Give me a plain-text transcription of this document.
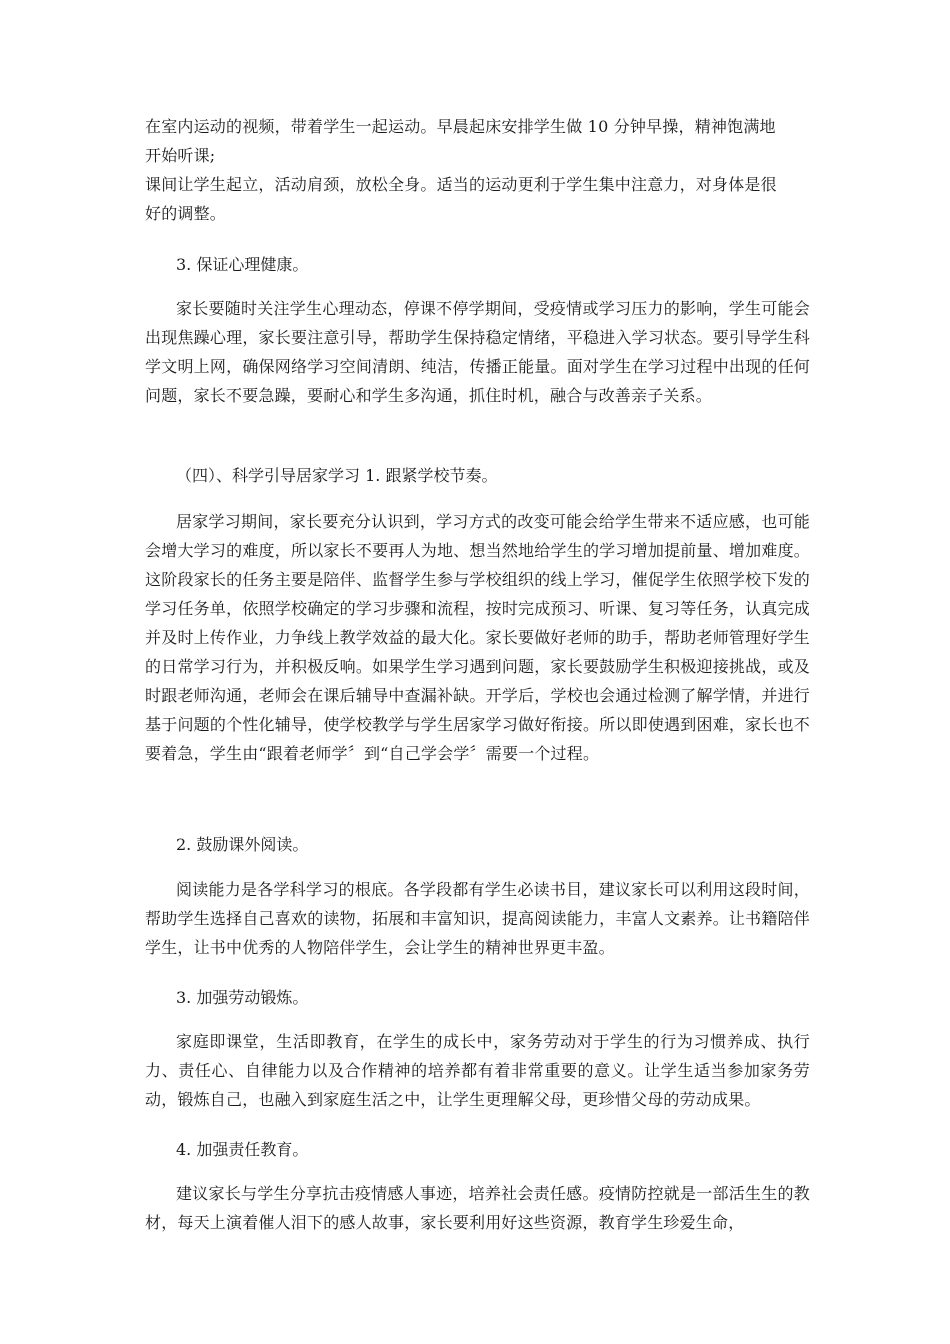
在室内运动的视频，带着学生一起运动。早晨起床安排学生做 10 分钟早操，精神饱满地
开始听课;
课间让学生起立，活动肩颈，放松全身。适当的运动更利于学生集中注意力，对身体是很
好的调整。

3. 保证心理健康。

家长要随时关注学生心理动态，停课不停学期间，受疫情或学习压力的影响，学生可能会出现焦躁心理，家长要注意引导，帮助学生保持稳定情绪，平稳进入学习状态。要引导学生科学文明上网，确保网络学习空间清朗、纯洁，传播正能量。面对学生在学习过程中出现的任何问题，家长不要急躁，要耐心和学生多沟通，抓住时机，融合与改善亲子关系。

（四）、科学引导居家学习 1. 跟紧学校节奏。

居家学习期间，家长要充分认识到，学习方式的改变可能会给学生带来不适应感，也可能会增大学习的难度，所以家长不要再人为地、想当然地给学生的学习增加提前量、增加难度。这阶段家长的任务主要是陪伴、监督学生参与学校组织的线上学习，催促学生依照学校下发的学习任务单，依照学校确定的学习步骤和流程，按时完成预习、听课、复习等任务，认真完成并及时上传作业，力争线上教学效益的最大化。家长要做好老师的助手，帮助老师管理好学生的日常学习行为，并积极反响。如果学生学习遇到问题，家长要鼓励学生积极迎接挑战，或及时跟老师沟通，老师会在课后辅导中查漏补缺。开学后，学校也会通过检测了解学情，并进行基于问题的个性化辅导，使学校教学与学生居家学习做好衔接。所以即使遇到困难，家长也不要着急，学生由“跟着老师学〞到“自己学会学〞需要一个过程。

2. 鼓励课外阅读。

阅读能力是各学科学习的根底。各学段都有学生必读书目，建议家长可以利用这段时间，帮助学生选择自己喜欢的读物，拓展和丰富知识，提高阅读能力，丰富人文素养。让书籍陪伴学生，让书中优秀的人物陪伴学生，会让学生的精神世界更丰盈。

3. 加强劳动锻炼。

家庭即课堂，生活即教育，在学生的成长中，家务劳动对于学生的行为习惯养成、执行力、责任心、自律能力以及合作精神的培养都有着非常重要的意义。让学生适当参加家务劳动，锻炼自己，也融入到家庭生活之中，让学生更理解父母，更珍惜父母的劳动成果。

4. 加强责任教育。

建议家长与学生分享抗击疫情感人事迹，培养社会责任感。疫情防控就是一部活生生的教材，每天上演着催人泪下的感人故事，家长要利用好这些资源，教育学生珍爱生命，
